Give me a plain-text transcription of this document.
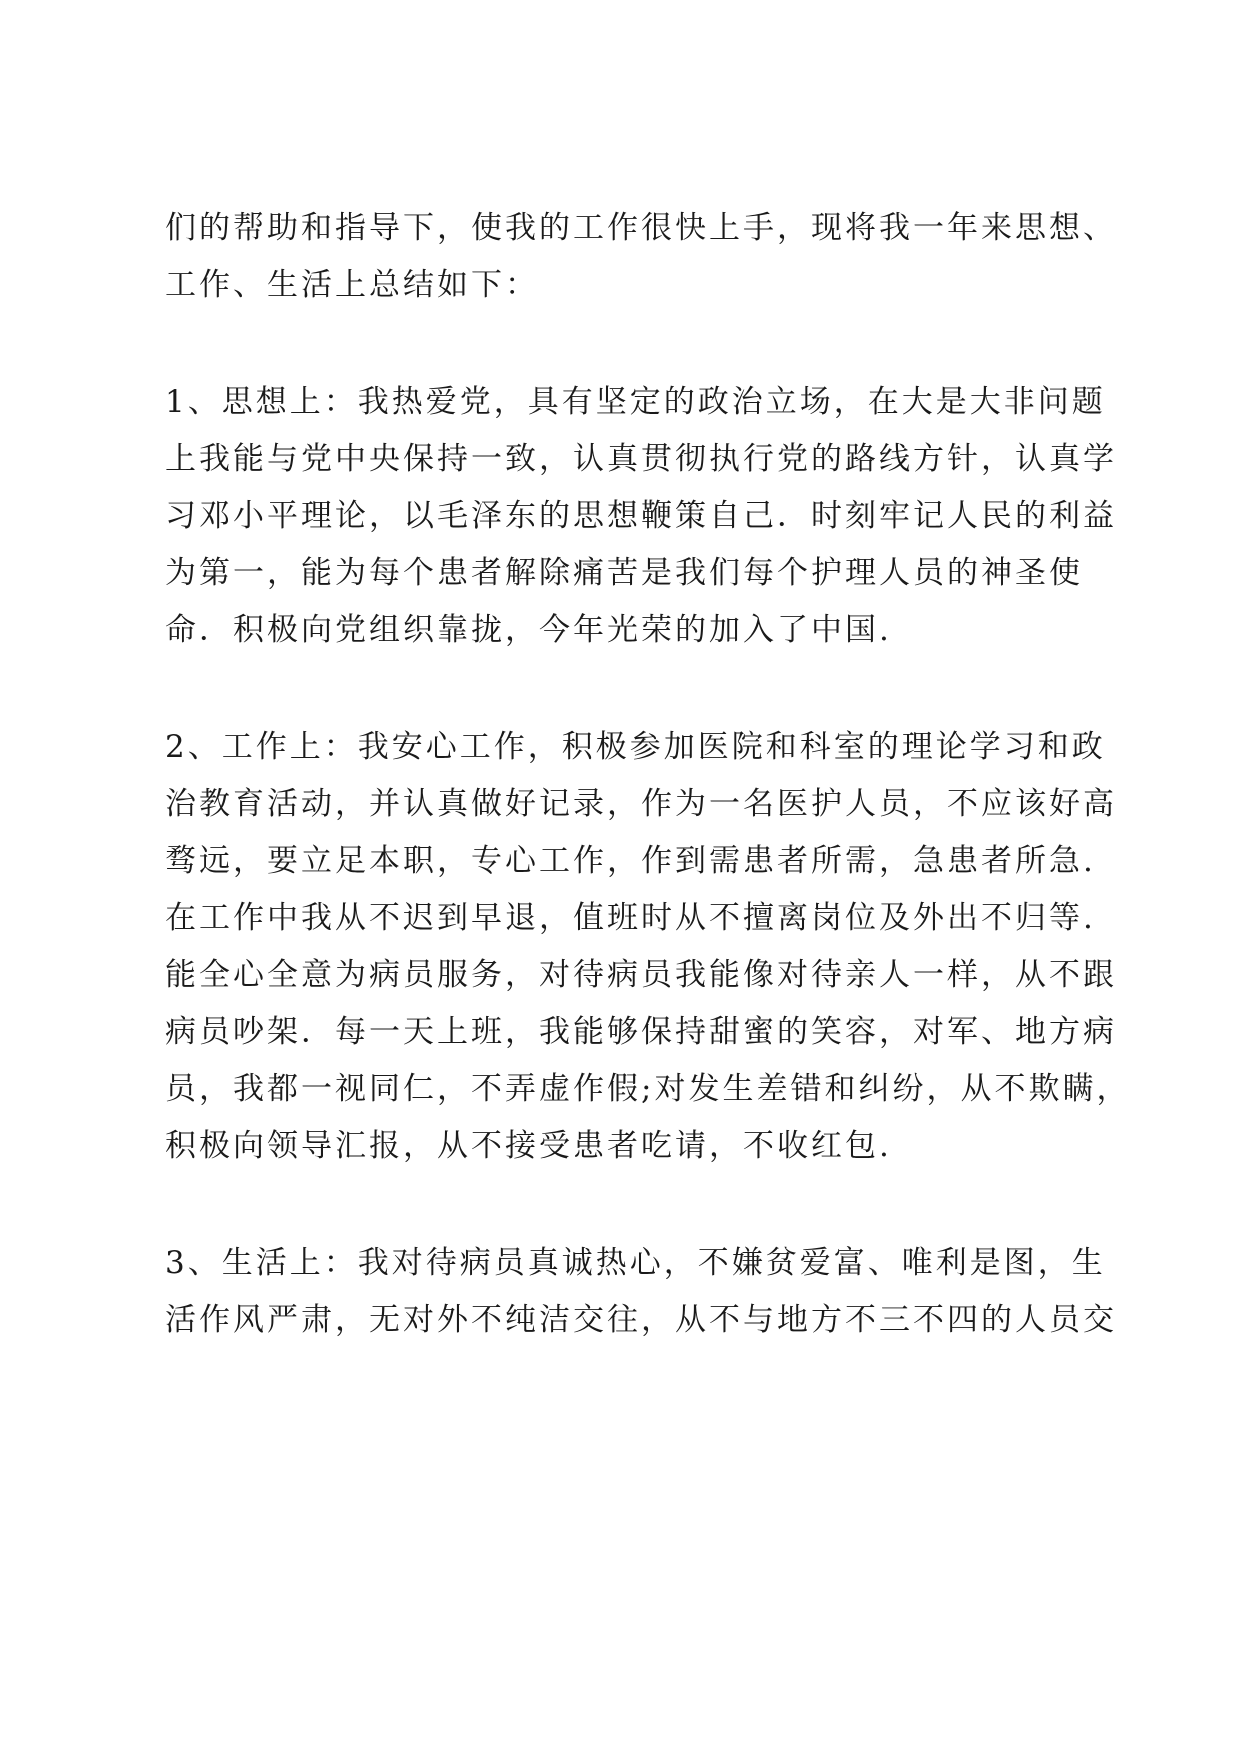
们的帮助和指导下，使我的工作很快上手，现将我一年来思想、
工作、生活上总结如下：
1、思想上：我热爱党，具有坚定的政治立场，在大是大非问题
上我能与党中央保持一致，认真贯彻执行党的路线方针，认真学
习邓小平理论，以毛泽东的思想鞭策自己．时刻牢记人民的利益
为第一，能为每个患者解除痛苦是我们每个护理人员的神圣使
命．积极向党组织靠拢，今年光荣的加入了中国.
2、工作上：我安心工作，积极参加医院和科室的理论学习和政
治教育活动，并认真做好记录，作为一名医护人员，不应该好高
骛远，要立足本职，专心工作，作到需患者所需，急患者所急.
在工作中我从不迟到早退，值班时从不擅离岗位及外出不归等.
能全心全意为病员服务，对待病员我能像对待亲人一样，从不跟
病员吵架．每一天上班，我能够保持甜蜜的笑容，对军、地方病
员，我都一视同仁，不弄虚作假;对发生差错和纠纷，从不欺瞒，
积极向领导汇报，从不接受患者吃请，不收红包.
3、生活上：我对待病员真诚热心，不嫌贫爱富、唯利是图，生
活作风严肃，无对外不纯洁交往，从不与地方不三不四的人员交
